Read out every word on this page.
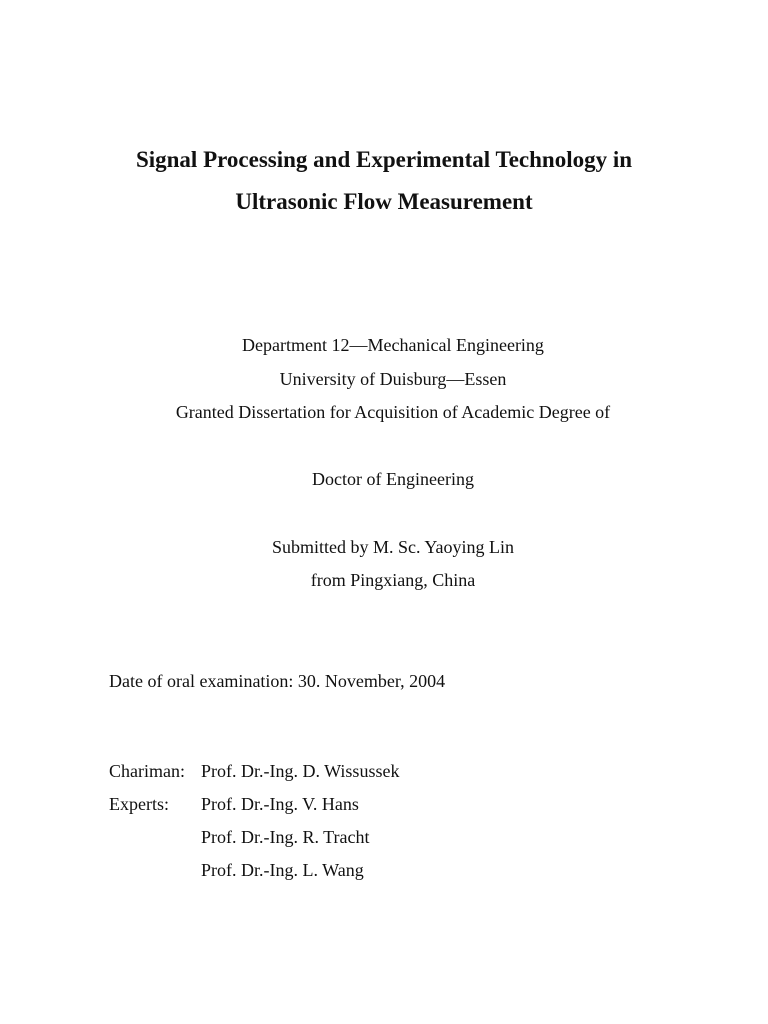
Signal Processing and Experimental Technology in
Ultrasonic Flow Measurement
Department 12—Mechanical Engineering
University of Duisburg—Essen
Granted Dissertation for Acquisition of Academic Degree of
Doctor of Engineering
Submitted by M. Sc. Yaoying Lin
from Pingxiang, China
Date of oral examination: 30. November, 2004
Chariman: Prof. Dr.-Ing. D. Wissussek
Experts: Prof. Dr.-Ing. V. Hans
Prof. Dr.-Ing. R. Tracht
Prof. Dr.-Ing. L. Wang
